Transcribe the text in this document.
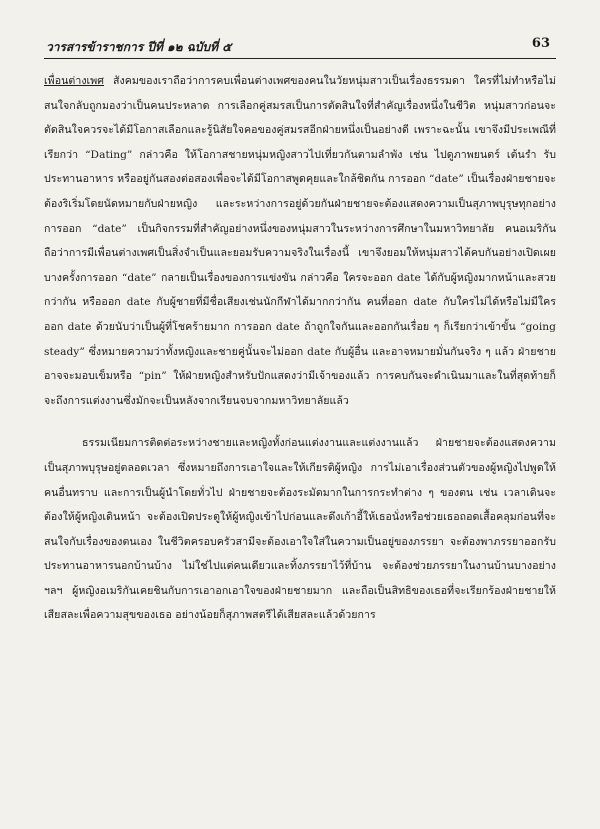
วารสารข้าราชการ ปีที่ ๑๒ ฉบับที่ ๕	63

เพื่อนต่างเพศ สังคมของเราถือว่าการคบเพื่อนต่างเพศของคนในวัยหนุ่มสาวเป็นเรื่องธรรมดา ใครที่ไม่ทำหรือไม่สนใจกลับถูกมองว่าเป็นคนประหลาด การเลือกคู่สมรสเป็นการตัดสินใจที่สำคัญเรื่องหนึ่งในชีวิต หนุ่มสาวก่อนจะตัดสินใจควรจะได้มีโอกาสเลือกและรู้นิสัยใจคอของคู่สมรสอีกฝ่ายหนึ่งเป็นอย่างดี เพราะฉะนั้น เขาจึงมีประเพณีที่เรียกว่า “Dating” กล่าวคือ ให้โอกาสชายหนุ่มหญิงสาวไปเที่ยวกันตามลำพัง เช่น ไปดูภาพยนตร์ เต้นรำ รับประทานอาหาร หรืออยู่กันสองต่อสองเพื่อจะได้มีโอกาสพูดคุยและใกล้ชิดกัน การออก “date” เป็นเรื่องฝ่ายชายจะต้องริเริ่มโดยนัดหมายกับฝ่ายหญิง และระหว่างการอยู่ด้วยกันฝ่ายชายจะต้องแสดงความเป็นสุภาพบุรุษทุกอย่าง การออก “date” เป็นกิจกรรมที่สำคัญอย่างหนึ่งของหนุ่มสาวในระหว่างการศึกษาในมหาวิทยาลัย คนอเมริกันถือว่าการมีเพื่อนต่างเพศเป็นสิ่งจำเป็นและยอมรับความจริงในเรื่องนี้ เขาจึงยอมให้หนุ่มสาวได้คบกันอย่างเปิดเผย บางครั้งการออก “date” กลายเป็นเรื่องของการแข่งขัน กล่าวคือ ใครจะออก date ได้กับผู้หญิงมากหน้าและสวยกว่ากัน หรือออก date กับผู้ชายที่มีชื่อเสียงเช่นนักกีฬาได้มากกว่ากัน คนที่ออก date กับใครไม่ได้หรือไม่มีใครออก date ด้วยนับว่าเป็นผู้ที่โชคร้ายมาก การออก date ถ้าถูกใจกันและออกกันเรื่อย ๆ ก็เรียกว่าเข้าขั้น “going steady” ซึ่งหมายความว่าทั้งหญิงและชายคู่นั้นจะไม่ออก date กับผู้อื่น และอาจหมายมั่นกันจริง ๆ แล้ว ฝ่ายชายอาจจะมอบเข็มหรือ “pin” ให้ฝ่ายหญิงสำหรับปักแสดงว่ามีเจ้าของแล้ว การคบกันจะดำเนินมาและในที่สุดท้ายก็จะถึงการแต่งงานซึ่งมักจะเป็นหลังจากเรียนจบจากมหาวิทยาลัยแล้ว

ธรรมเนียมการติดต่อระหว่างชายและหญิงทั้งก่อนแต่งงานและแต่งงานแล้ว ฝ่ายชายจะต้องแสดงความเป็นสุภาพบุรุษอยู่ตลอดเวลา ซึ่งหมายถึงการเอาใจและให้เกียรติผู้หญิง การไม่เอาเรื่องส่วนตัวของผู้หญิงไปพูดให้คนอื่นทราบ และการเป็นผู้นำโดยทั่วไป ฝ่ายชายจะต้องระมัดมากในการกระทำต่าง ๆ ของตน เช่น เวลาเดินจะต้องให้ผู้หญิงเดินหน้า จะต้องเปิดประตูให้ผู้หญิงเข้าไปก่อนและดึงเก้าอี้ให้เธอนั่งหรือช่วยเธอถอดเสื้อคลุมก่อนที่จะสนใจกับเรื่องของตนเอง ในชีวิตครอบครัวสามีจะต้องเอาใจใส่ในความเป็นอยู่ของภรรยา จะต้องพาภรรยาออกรับประทานอาหารนอกบ้านบ้าง ไม่ใช่ไปแต่คนเดียวและทิ้งภรรยาไว้ที่บ้าน จะต้องช่วยภรรยาในงานบ้านบางอย่าง ฯลฯ ผู้หญิงอเมริกันเคยชินกับการเอาอกเอาใจของฝ่ายชายมาก และถือเป็นสิทธิของเธอที่จะเรียกร้องฝ่ายชายให้เสียสละเพื่อความสุขของเธอ อย่างน้อยก็สุภาพสตรีได้เสียสละแล้วด้วยการ
